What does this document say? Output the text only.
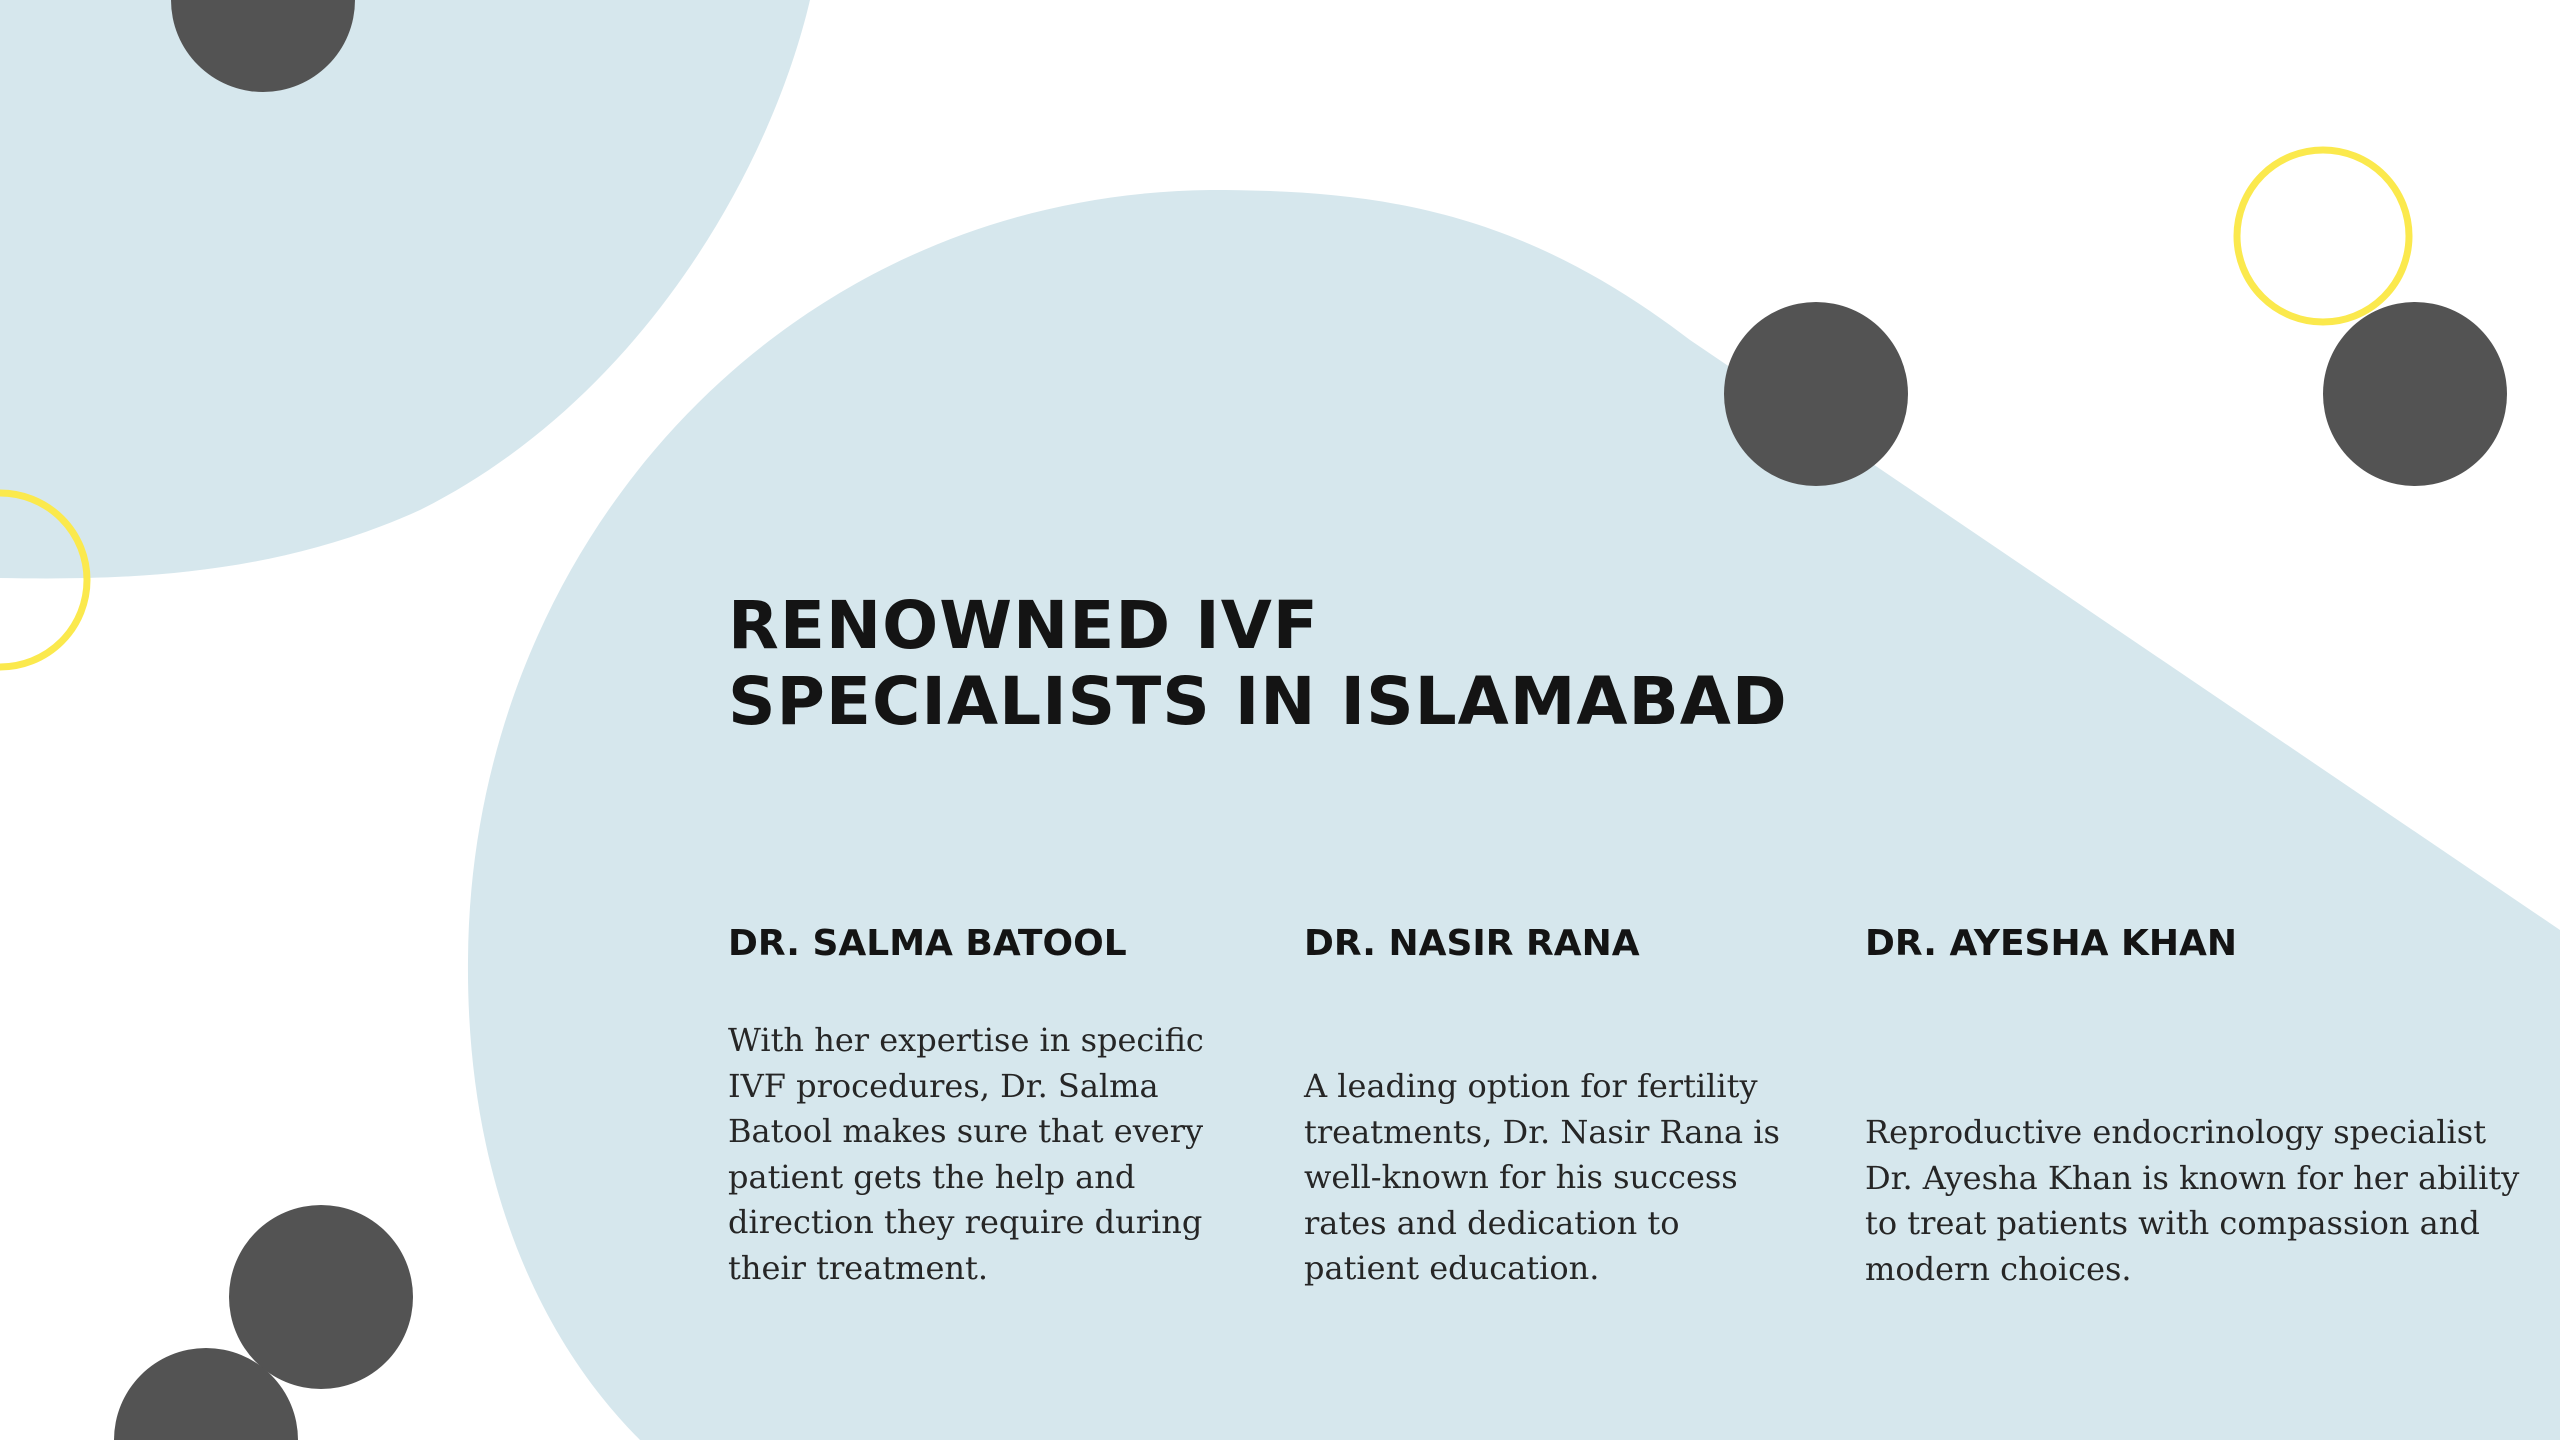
RENOWNED IVF
SPECIALISTS IN ISLAMABAD
DR. SALMA BATOOL

With her expertise in specific IVF procedures, Dr. Salma Batool makes sure that every patient gets the help and direction they require during their treatment.

DR. NASIR RANA

A leading option for fertility treatments, Dr. Nasir Rana is well-known for his success rates and dedication to patient education.

DR. AYESHA KHAN

Reproductive endocrinology specialist Dr. Ayesha Khan is known for her ability to treat patients with compassion and modern choices.
